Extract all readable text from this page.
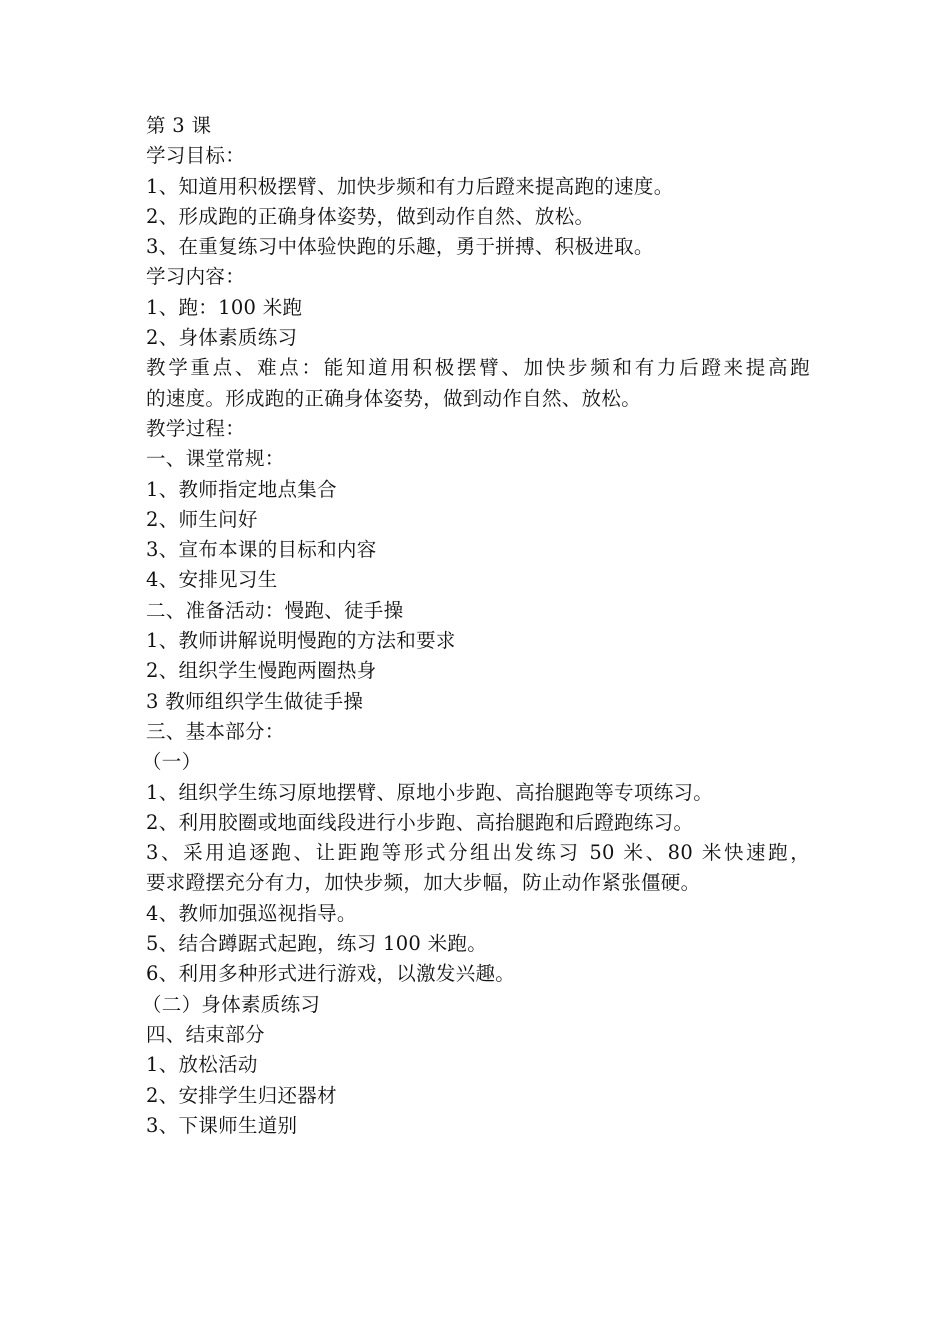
第 3 课
学习目标：
1、知道用积极摆臂、加快步频和有力后蹬来提高跑的速度。
2、形成跑的正确身体姿势，做到动作自然、放松。
3、在重复练习中体验快跑的乐趣，勇于拼搏、积极进取。
学习内容：
1、跑：100 米跑
2、身体素质练习
教学重点、难点：能知道用积极摆臂、加快步频和有力后蹬来提高跑
的速度。形成跑的正确身体姿势，做到动作自然、放松。
教学过程：
一、课堂常规：
1、教师指定地点集合
2、师生问好
3、宣布本课的目标和内容
4、安排见习生
二、准备活动：慢跑、徒手操
1、教师讲解说明慢跑的方法和要求
2、组织学生慢跑两圈热身
3 教师组织学生做徒手操
三、基本部分：
（一）
1、组织学生练习原地摆臂、原地小步跑、高抬腿跑等专项练习。
2、利用胶圈或地面线段进行小步跑、高抬腿跑和后蹬跑练习。
3、采用追逐跑、让距跑等形式分组出发练习 50 米、80 米快速跑，
要求蹬摆充分有力，加快步频，加大步幅，防止动作紧张僵硬。
4、教师加强巡视指导。
5、结合蹲踞式起跑，练习 100 米跑。
6、利用多种形式进行游戏，以激发兴趣。
（二）身体素质练习
四、结束部分
1、放松活动
2、安排学生归还器材
3、下课师生道别
